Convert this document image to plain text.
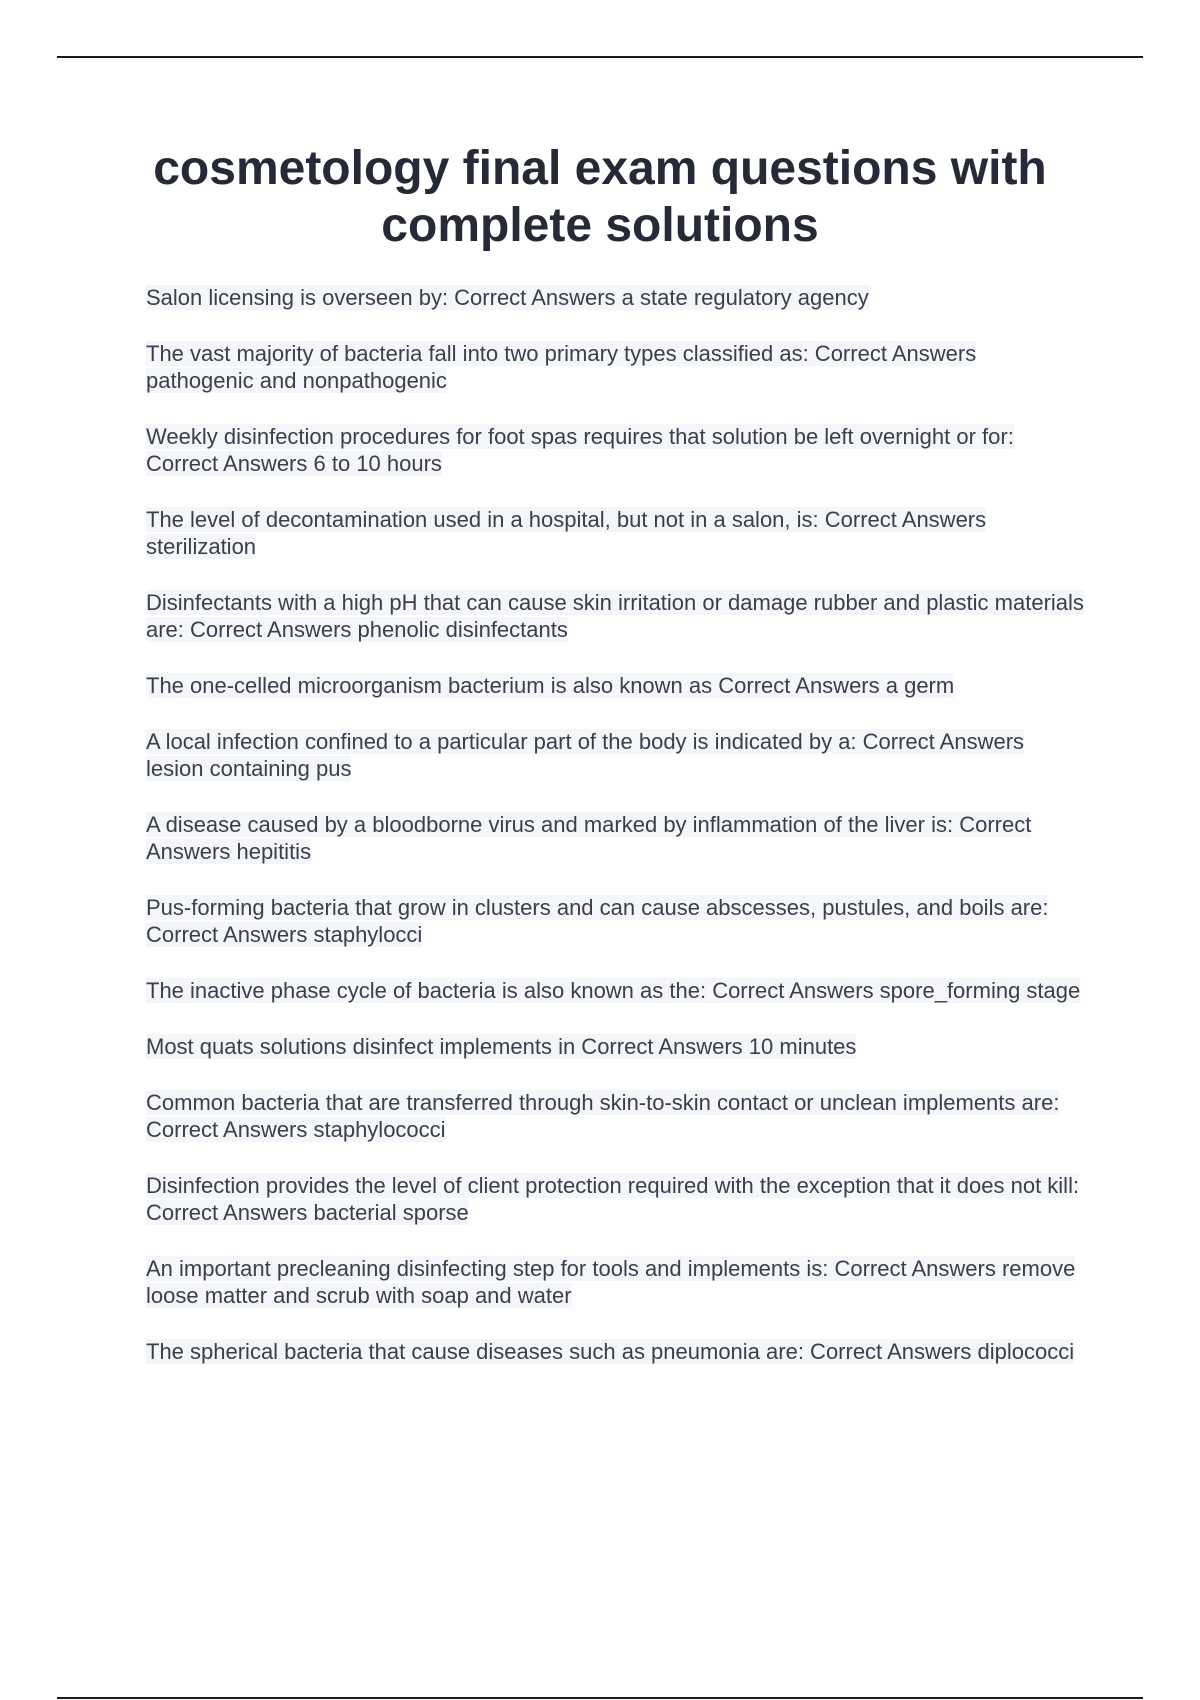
cosmetology final exam questions with complete solutions
Salon licensing is overseen by: Correct Answers a state regulatory agency
The vast majority of bacteria fall into two primary types classified as: Correct Answers pathogenic and nonpathogenic
Weekly disinfection procedures for foot spas requires that solution be left overnight or for: Correct Answers 6 to 10 hours
The level of decontamination used in a hospital, but not in a salon, is: Correct Answers sterilization
Disinfectants with a high pH that can cause skin irritation or damage rubber and plastic materials are: Correct Answers phenolic disinfectants
The one-celled microorganism bacterium is also known as Correct Answers a germ
A local infection confined to a particular part of the body is indicated by a: Correct Answers lesion containing pus
A disease caused by a bloodborne virus and marked by inflammation of the liver is: Correct Answers hepititis
Pus-forming bacteria that grow in clusters and can cause abscesses, pustules, and boils are: Correct Answers staphylocci
The inactive phase cycle of bacteria is also known as the: Correct Answers spore_forming stage
Most quats solutions disinfect implements in Correct Answers 10 minutes
Common bacteria that are transferred through skin-to-skin contact or unclean implements are: Correct Answers staphylococci
Disinfection provides the level of client protection required with the exception that it does not kill: Correct Answers bacterial sporse
An important precleaning disinfecting step for tools and implements is: Correct Answers remove loose matter and scrub with soap and water
The spherical bacteria that cause diseases such as pneumonia are: Correct Answers diplococci
